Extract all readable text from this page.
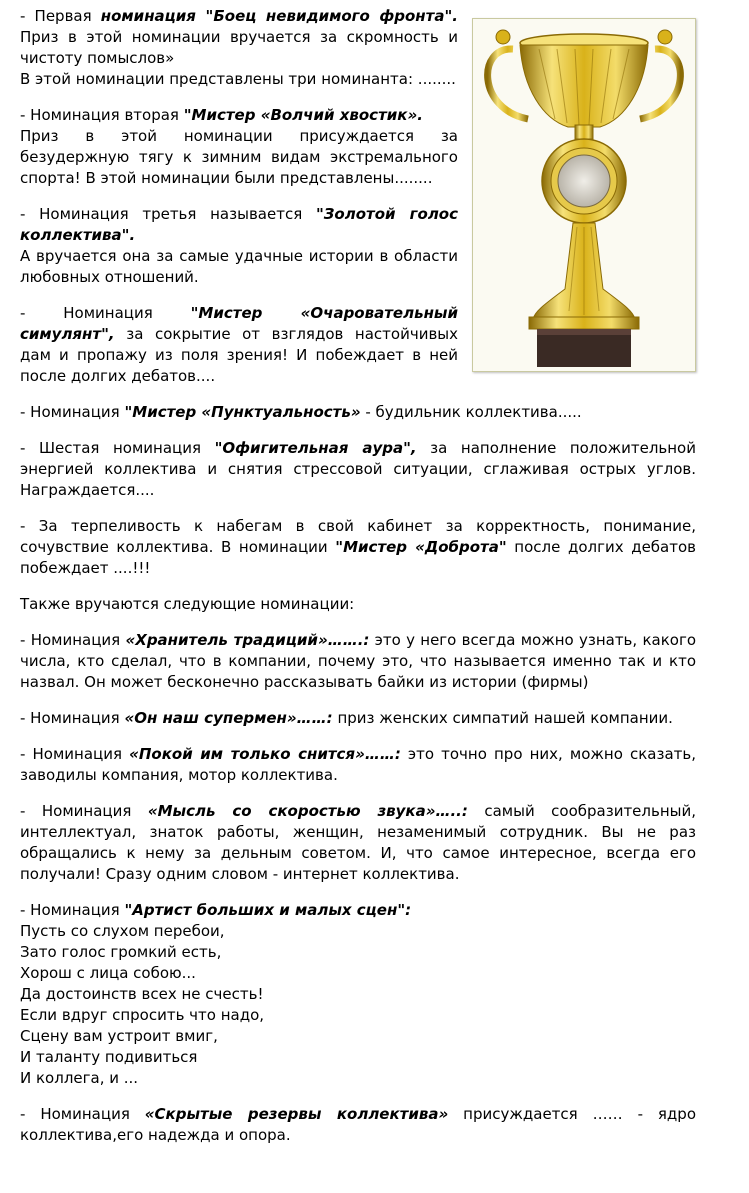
- Первая номинация "Боец невидимого фронта". Приз в этой номинации вручается за скромность и чистоту помыслов»
В этой номинации представлены три номинанта: ........

- Номинация вторая "Мистер «Волчий хвостик».
Приз в этой номинации присуждается за безудержную тягу к зимним видам экстремального спорта! В этой номинации были представлены........

- Номинация третья называется "Золотой голос коллектива".
А вручается она за самые удачные истории в области любовных отношений.

- Номинация "Мистер «Очаровательный симулянт", за сокрытие от взглядов настойчивых дам и пропажу из поля зрения! И побеждает в ней после долгих дебатов....

- Номинация "Мистер «Пунктуальность» - будильник коллектива.....

- Шестая номинация "Офигительная аура", за наполнение положительной энергией коллектива и снятия стрессовой ситуации, сглаживая острых углов. Награждается....

- За терпеливость к набегам в свой кабинет за корректность, понимание, сочувствие коллектива. В номинации "Мистер «Доброта" после долгих дебатов побеждает ....!!!

Также вручаются следующие номинации:

- Номинация «Хранитель традиций»…….: это у него всегда можно узнать, какого числа, кто сделал, что в компании, почему это, что называется именно так и кто назвал. Он может бесконечно рассказывать байки из истории (фирмы)

- Номинация «Он наш супермен»……: приз женских симпатий нашей компании.

- Номинация «Покой им только снится»……: это точно про них, можно сказать, заводилы компания, мотор коллектива.

- Номинация «Мысль со скоростью звука»…..: самый сообразительный, интеллектуал, знаток работы, женщин, незаменимый сотрудник. Вы не раз обращались к нему за дельным советом. И, что самое интересное, всегда его получали! Сразу одним словом - интернет коллектива.

- Номинация "Артист больших и малых сцен":
Пусть со слухом перебои,
Зато голос громкий есть,
Хорош с лица собою...
Да достоинств всех не счесть!
Если вдруг спросить что надо,
Сцену вам устроит вмиг,
И таланту подивиться
И коллега, и ...

- Номинация «Скрытые резервы коллектива» присуждается …… - ядро коллектива,его надежда и опора.
